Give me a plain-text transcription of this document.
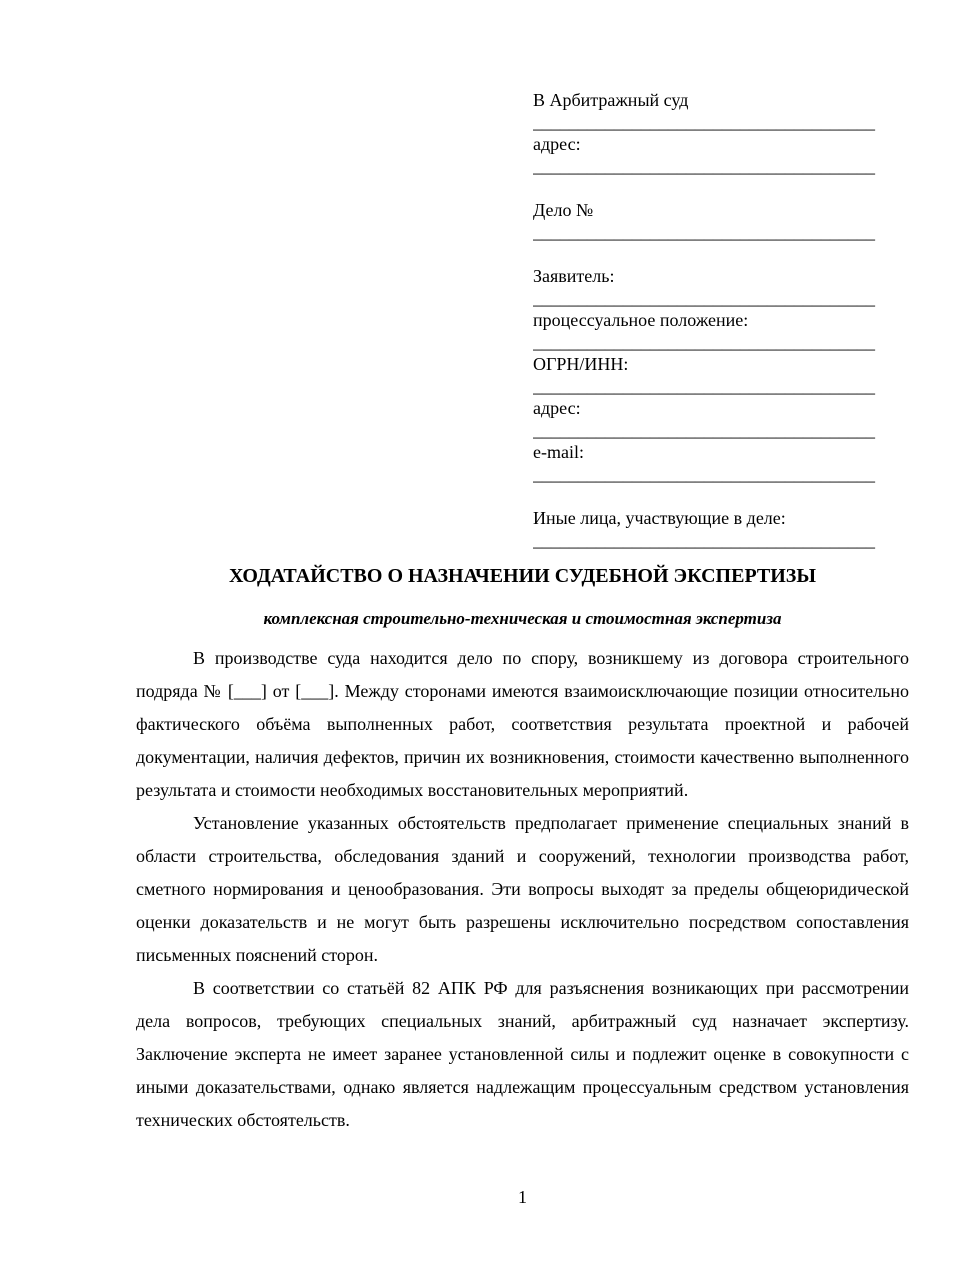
В Арбитражный суд
______________________________________
адрес:
______________________________________
Дело №
______________________________________
Заявитель:
______________________________________
процессуальное положение:
______________________________________
ОГРН/ИНН:
______________________________________
адрес:
______________________________________
e-mail:
______________________________________
Иные лица, участвующие в деле:
______________________________________
ХОДАТАЙСТВО О НАЗНАЧЕНИИ СУДЕБНОЙ ЭКСПЕРТИЗЫ

комплексная строительно-техническая и стоимостная экспертиза

В производстве суда находится дело по спору, возникшему из договора строительного подряда № [___] от [___]. Между сторонами имеются взаимоисключающие позиции относительно фактического объёма выполненных работ, соответствия результата проектной и рабочей документации, наличия дефектов, причин их возникновения, стоимости качественно выполненного результата и стоимости необходимых восстановительных мероприятий.

Установление указанных обстоятельств предполагает применение специальных знаний в области строительства, обследования зданий и сооружений, технологии производства работ, сметного нормирования и ценообразования. Эти вопросы выходят за пределы общеюридической оценки доказательств и не могут быть разрешены исключительно посредством сопоставления письменных пояснений сторон.

В соответствии со статьёй 82 АПК РФ для разъяснения возникающих при рассмотрении дела вопросов, требующих специальных знаний, арбитражный суд назначает экспертизу. Заключение эксперта не имеет заранее установленной силы и подлежит оценке в совокупности с иными доказательствами, однако является надлежащим процессуальным средством установления технических обстоятельств.

1
